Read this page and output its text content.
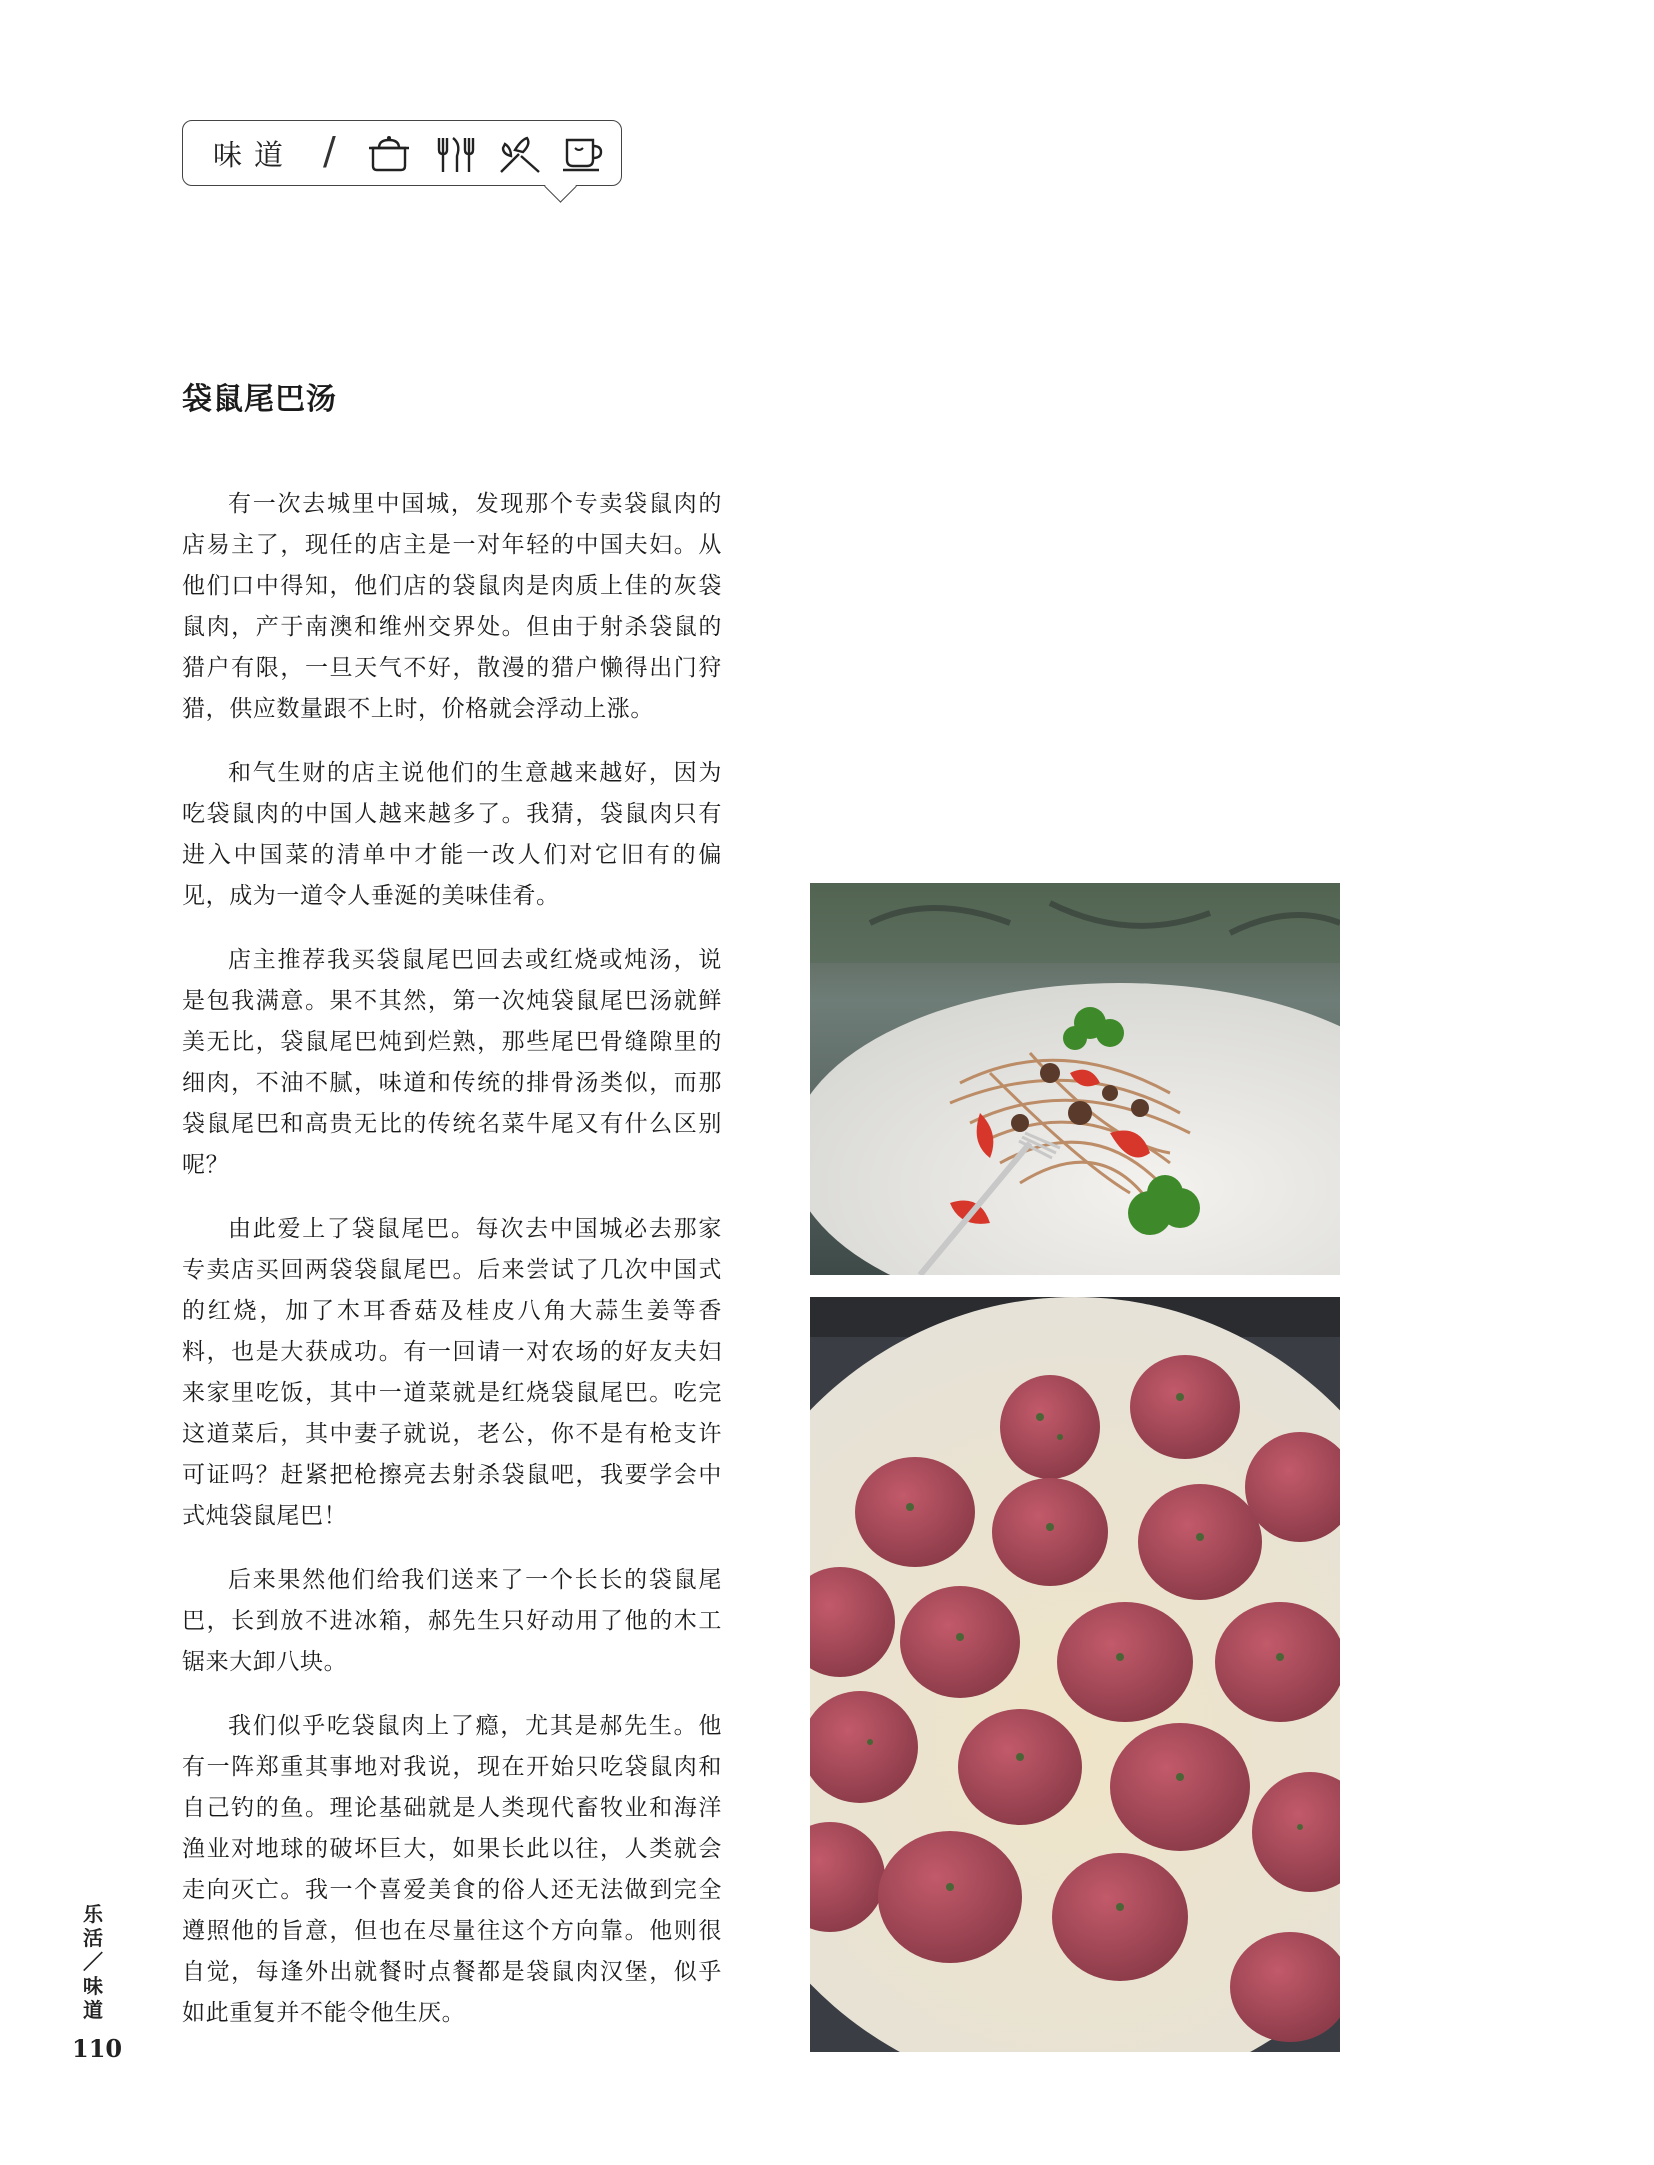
味道 /
袋鼠尾巴汤

有一次去城里中国城，发现那个专卖袋鼠肉的店易主了，现任的店主是一对年轻的中国夫妇。从他们口中得知，他们店的袋鼠肉是肉质上佳的灰袋鼠肉，产于南澳和维州交界处。但由于射杀袋鼠的猎户有限，一旦天气不好，散漫的猎户懒得出门狩猎，供应数量跟不上时，价格就会浮动上涨。

和气生财的店主说他们的生意越来越好，因为吃袋鼠肉的中国人越来越多了。我猜，袋鼠肉只有进入中国菜的清单中才能一改人们对它旧有的偏见，成为一道令人垂涎的美味佳肴。

店主推荐我买袋鼠尾巴回去或红烧或炖汤，说是包我满意。果不其然，第一次炖袋鼠尾巴汤就鲜美无比，袋鼠尾巴炖到烂熟，那些尾巴骨缝隙里的细肉，不油不腻，味道和传统的排骨汤类似，而那袋鼠尾巴和高贵无比的传统名菜牛尾又有什么区别呢？

由此爱上了袋鼠尾巴。每次去中国城必去那家专卖店买回两袋袋鼠尾巴。后来尝试了几次中国式的红烧，加了木耳香菇及桂皮八角大蒜生姜等香料，也是大获成功。有一回请一对农场的好友夫妇来家里吃饭，其中一道菜就是红烧袋鼠尾巴。吃完这道菜后，其中妻子就说，老公，你不是有枪支许可证吗？赶紧把枪擦亮去射杀袋鼠吧，我要学会中式炖袋鼠尾巴！

后来果然他们给我们送来了一个长长的袋鼠尾巴，长到放不进冰箱，郝先生只好动用了他的木工锯来大卸八块。

我们似乎吃袋鼠肉上了瘾，尤其是郝先生。他有一阵郑重其事地对我说，现在开始只吃袋鼠肉和自己钓的鱼。理论基础就是人类现代畜牧业和海洋渔业对地球的破坏巨大，如果长此以往，人类就会走向灭亡。我一个喜爱美食的俗人还无法做到完全遵照他的旨意，但也在尽量往这个方向靠。他则很自觉，每逢外出就餐时点餐都是袋鼠肉汉堡，似乎如此重复并不能令他生厌。

乐活
／
味道
110
